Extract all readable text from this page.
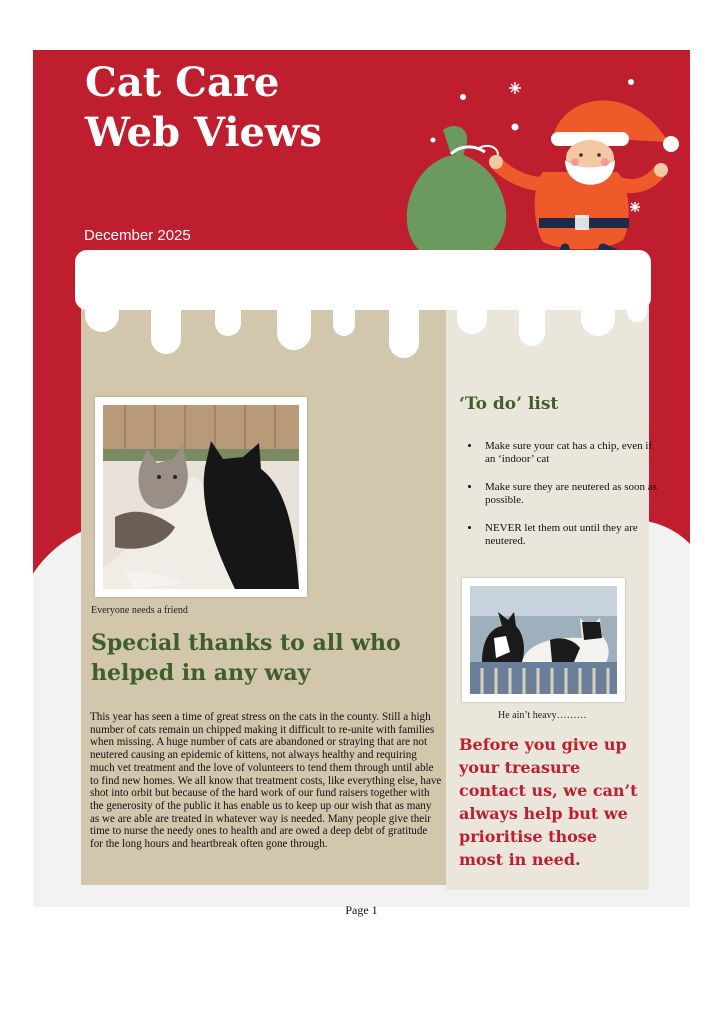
Cat Care
Web Views
December 2025
Everyone needs a friend
Special thanks to all who helped in any way

This year has seen a time of great stress on the cats in the county. Still a high number of cats remain un chipped making it difficult to re-unite with families when missing. A huge number of cats are abandoned or straying that are not neutered causing an epidemic of kittens, not always healthy and requiring much vet treatment and the love of volunteers to tend them through until able to find new homes. We all know that treatment costs, like everything else, have shot into orbit but because of the hard work of our fund raisers together with the generosity of the public it has enable us to keep up our wish that as many as we are able are treated in whatever way is needed. Many people give their time to nurse the needy ones to health and are owed a deep debt of gratitude for the long hours and heartbreak often gone through.

‘To do’ list
• Make sure your cat has a chip, even if an ‘indoor’ cat
• Make sure they are neutered as soon as possible.
• NEVER let them out until they are neutered.
He ain’t heavy………

Before you give up your treasure contact us, we can’t always help but we prioritise those most in need.

Page 1
